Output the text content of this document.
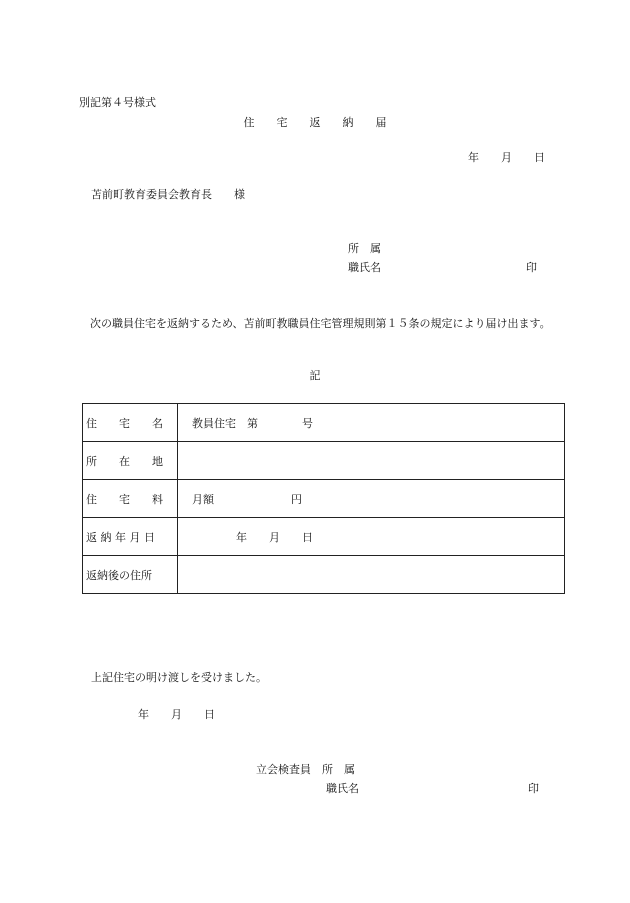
別記第４号様式
住　　宅　　返　　納　　届
年　　月　　日
苫前町教育委員会教育長　　様
所　属
職氏名	印
次の職員住宅を返納するため、苫前町教職員住宅管理規則第１５条の規定により届け出ます。
記
住　　宅　　名	教員住宅　第　　　　号
所　　在　　地	
住　　宅　　料	月額　　　　　　　円
返 納 年 月 日	　　　　年　　月　　日
返納後の住所	
上記住宅の明け渡しを受けました。
年　　月　　日
立会検査員　所　属
職氏名	印
